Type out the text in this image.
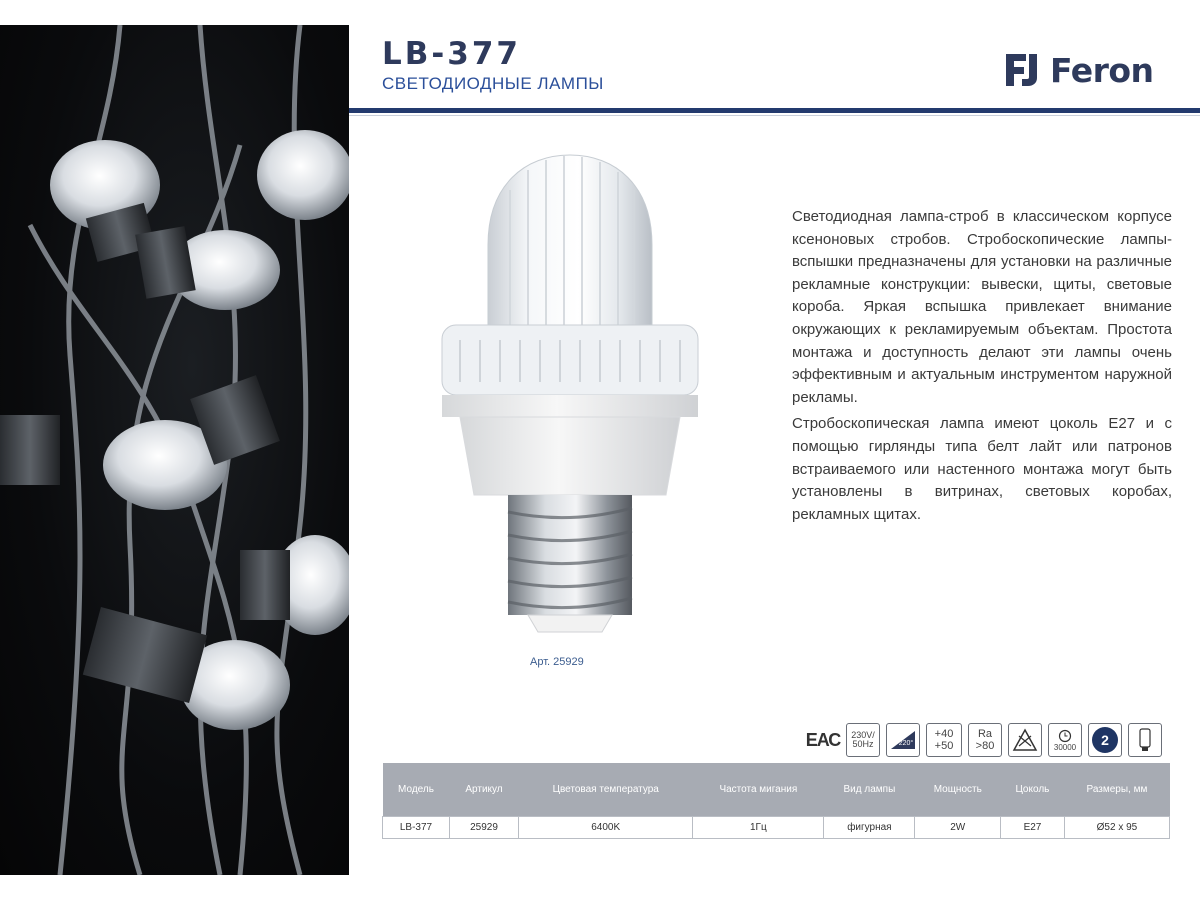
LB-377
СВЕТОДИОДНЫЕ ЛАМПЫ	Feron
Арт. 25929

Светодиодная лампа-строб в классическом корпусе ксеноновых стробов. Стробоскопические лампы-вспышки предназначены для установки на различные рекламные конструкции: вывески, щиты, световые короба. Яркая вспышка привлекает внимание окружающих к рекламируемым объектам. Простота монтажа и доступность делают эти лампы очень эффективным и актуальным инструментом наружной рекламы.

Стробоскопическая лампа имеют цоколь Е27 и с помощью гирлянды типа белт лайт или патронов встраиваемого или настенного монтажа могут быть установлены в витринах, световых коробах, рекламных щитах.

ЕАС 230V/
50Hz	220°
+40
+50
Ra
>80	30000	2
Модель	Артикул	Цветовая температура	Частота мигания	Вид лампы	Мощность	Цоколь	Размеры, мм
LB-377	25929	6400K	1Гц	фигурная	2W	E27	Ø52 x 95
